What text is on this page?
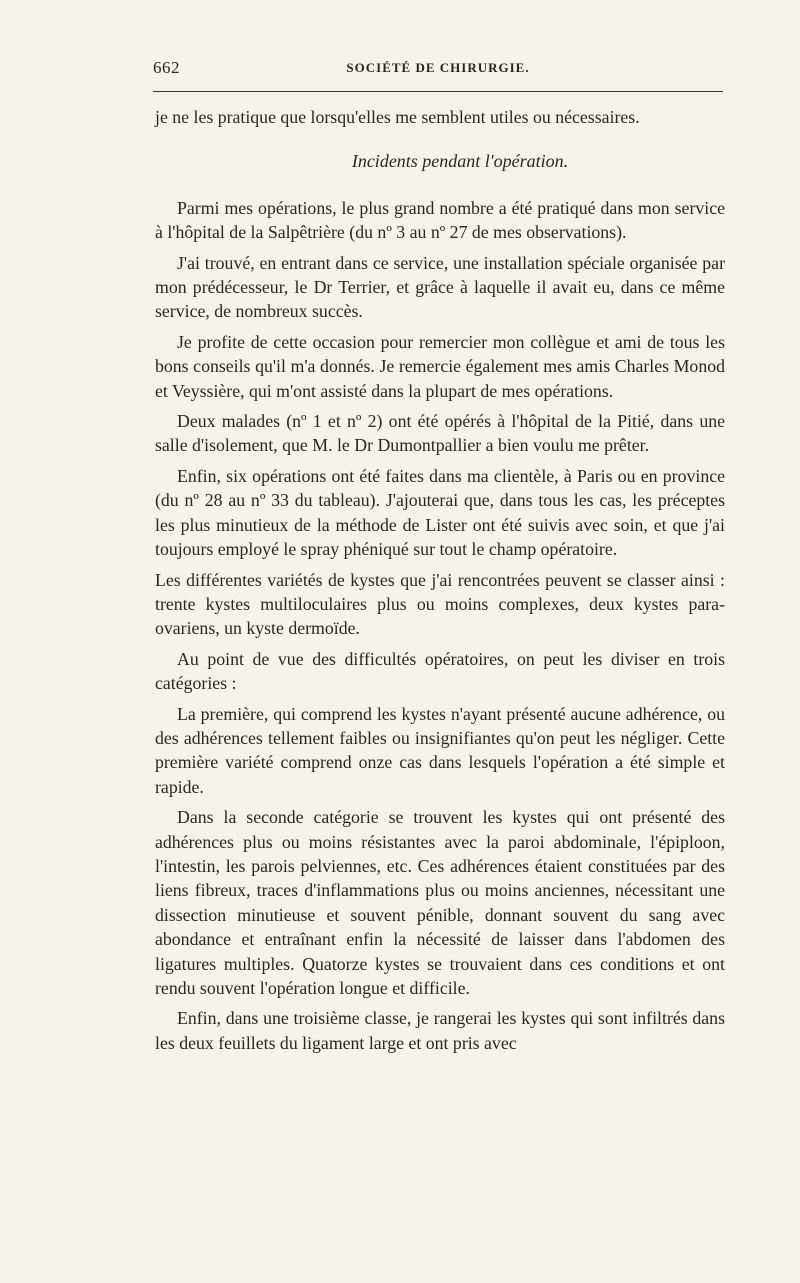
662	SOCIÉTÉ DE CHIRURGIE.

je ne les pratique que lorsqu'elles me semblent utiles ou nécessaires.

Incidents pendant l'opération.

Parmi mes opérations, le plus grand nombre a été pratiqué dans mon service à l'hôpital de la Salpêtrière (du nº 3 au nº 27 de mes observations).

J'ai trouvé, en entrant dans ce service, une installation spéciale organisée par mon prédécesseur, le Dr Terrier, et grâce à laquelle il avait eu, dans ce même service, de nombreux succès.

Je profite de cette occasion pour remercier mon collègue et ami de tous les bons conseils qu'il m'a donnés. Je remercie également mes amis Charles Monod et Veyssière, qui m'ont assisté dans la plupart de mes opérations.

Deux malades (nº 1 et nº 2) ont été opérés à l'hôpital de la Pitié, dans une salle d'isolement, que M. le Dr Dumontpallier a bien voulu me prêter.

Enfin, six opérations ont été faites dans ma clientèle, à Paris ou en province (du nº 28 au nº 33 du tableau). J'ajouterai que, dans tous les cas, les préceptes les plus minutieux de la méthode de Lister ont été suivis avec soin, et que j'ai toujours employé le spray phéniqué sur tout le champ opératoire.

Les différentes variétés de kystes que j'ai rencontrées peuvent se classer ainsi : trente kystes multiloculaires plus ou moins complexes, deux kystes para-ovariens, un kyste dermoïde.

Au point de vue des difficultés opératoires, on peut les diviser en trois catégories :

La première, qui comprend les kystes n'ayant présenté aucune adhérence, ou des adhérences tellement faibles ou insignifiantes qu'on peut les négliger. Cette première variété comprend onze cas dans lesquels l'opération a été simple et rapide.

Dans la seconde catégorie se trouvent les kystes qui ont présenté des adhérences plus ou moins résistantes avec la paroi abdominale, l'épiploon, l'intestin, les parois pelviennes, etc. Ces adhérences étaient constituées par des liens fibreux, traces d'inflammations plus ou moins anciennes, nécessitant une dissection minutieuse et souvent pénible, donnant souvent du sang avec abondance et entraînant enfin la nécessité de laisser dans l'abdomen des ligatures multiples. Quatorze kystes se trouvaient dans ces conditions et ont rendu souvent l'opération longue et difficile.

Enfin, dans une troisième classe, je rangerai les kystes qui sont infiltrés dans les deux feuillets du ligament large et ont pris avec
